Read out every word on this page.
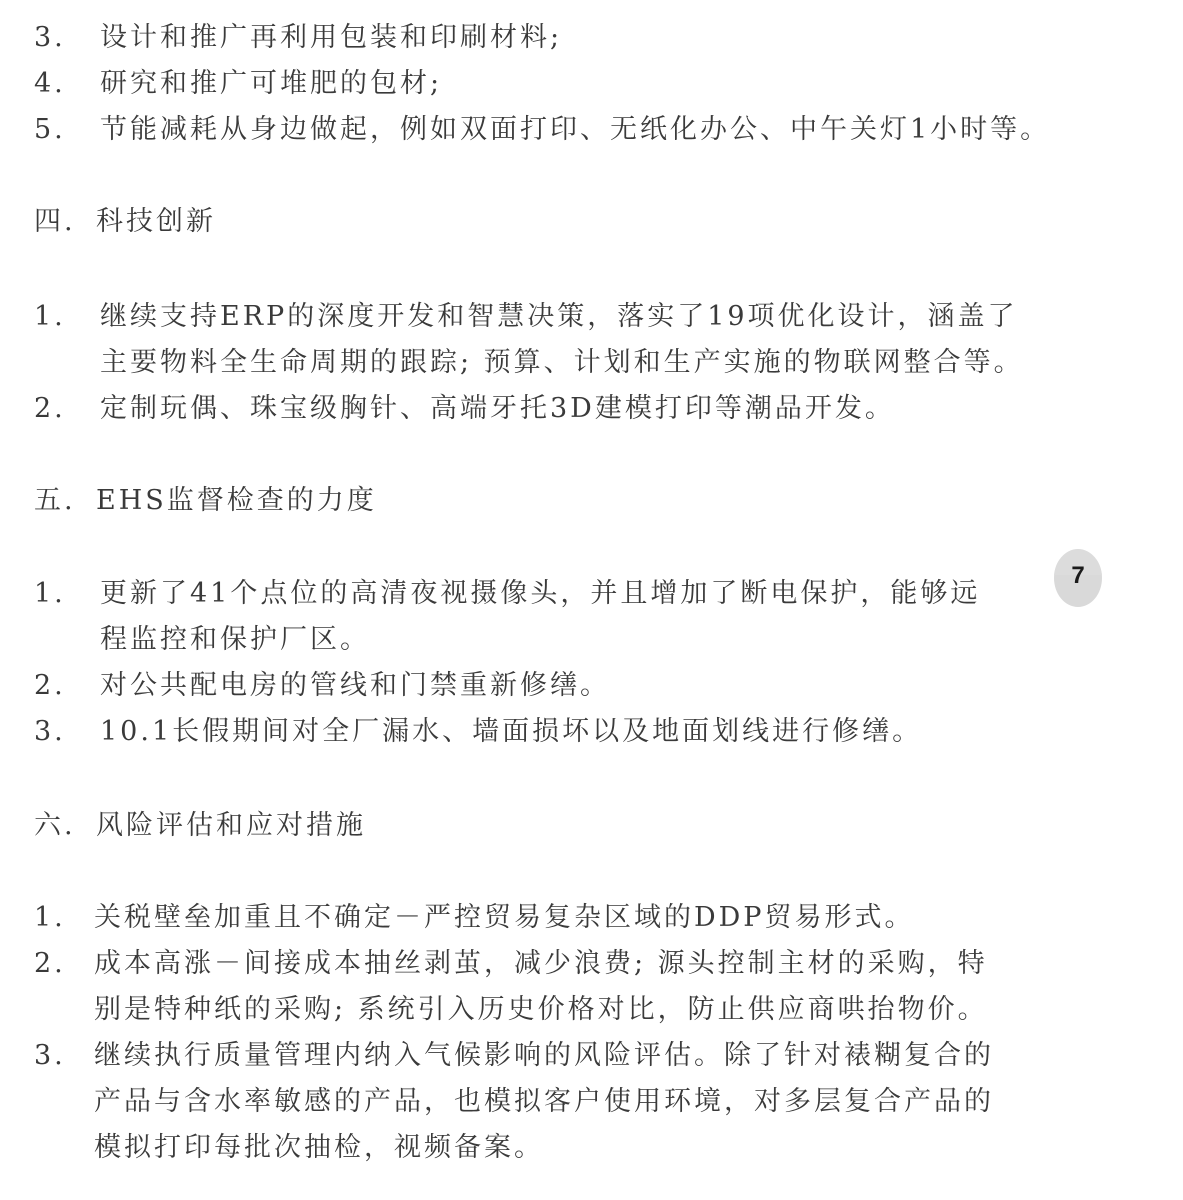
3. 设计和推广再利用包装和印刷材料;
4. 研究和推广可堆肥的包材;
5. 节能减耗从身边做起，例如双面打印、无纸化办公、中午关灯1小时等。
四. 科技创新
1. 继续支持ERP的深度开发和智慧决策，落实了19项优化设计，涵盖了
主要物料全生命周期的跟踪; 预算、计划和生产实施的物联网整合等。
2. 定制玩偶、珠宝级胸针、高端牙托3D建模打印等潮品开发。
五. EHS监督检查的力度
1. 更新了41个点位的高清夜视摄像头，并且增加了断电保护，能够远
程监控和保护厂区。
2. 对公共配电房的管线和门禁重新修缮。
3. 10.1长假期间对全厂漏水、墙面损坏以及地面划线进行修缮。
六. 风险评估和应对措施
1. 关税壁垒加重且不确定－严控贸易复杂区域的DDP贸易形式。
2. 成本高涨－间接成本抽丝剥茧，减少浪费; 源头控制主材的采购，特
别是特种纸的采购; 系统引入历史价格对比，防止供应商哄抬物价。
3. 继续执行质量管理内纳入气候影响的风险评估。除了针对裱糊复合的
产品与含水率敏感的产品，也模拟客户使用环境，对多层复合产品的
模拟打印每批次抽检，视频备案。
7
